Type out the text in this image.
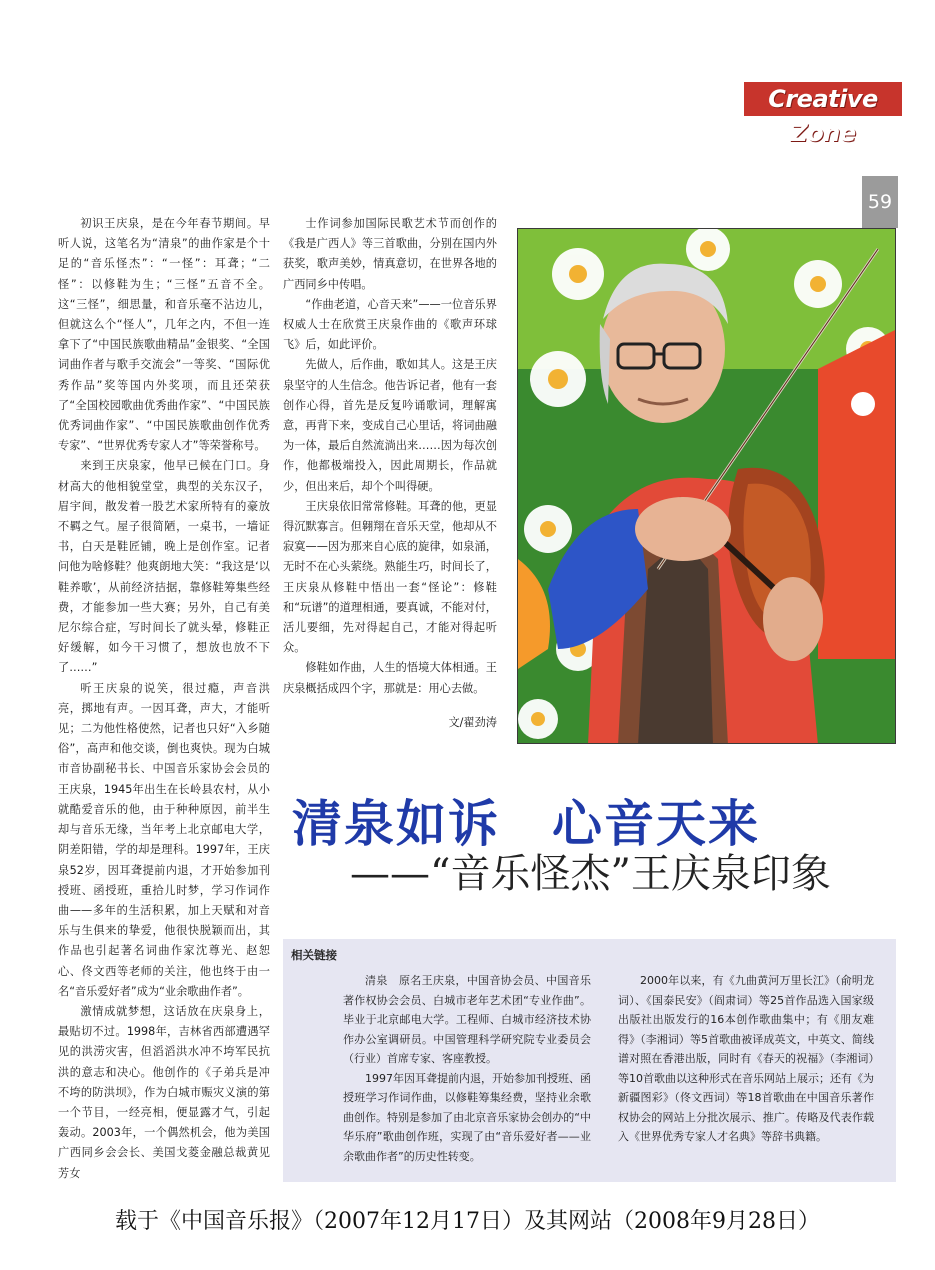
Creative Zone
59

初识王庆泉，是在今年春节期间。早听人说，这笔名为“清泉”的曲作家是个十足的“音乐怪杰”：“一怪”：耳聋；“二怪”：以修鞋为生；“三怪”五音不全。这“三怪”，细思量，和音乐毫不沾边儿，但就这么个“怪人”，几年之内，不但一连拿下了“中国民族歌曲精品”金银奖、“全国词曲作者与歌手交流会”一等奖、“国际优秀作品”奖等国内外奖项，而且还荣获了“全国校园歌曲优秀曲作家”、“中国民族优秀词曲作家”、“中国民族歌曲创作优秀专家”、“世界优秀专家人才”等荣誉称号。

来到王庆泉家，他早已候在门口。身材高大的他相貌堂堂，典型的关东汉子，眉宇间，散发着一股艺术家所特有的豪放不羁之气。屋子很简陋，一桌书，一墙证书，白天是鞋匠铺，晚上是创作室。记者问他为啥修鞋？他爽朗地大笑：“我这是‘以鞋养歌’，从前经济拮据，靠修鞋筹集些经费，才能参加一些大赛；另外，自己有美尼尔综合症，写时间长了就头晕，修鞋正好缓解，如今干习惯了，想放也放不下了……”

听王庆泉的说笑，很过瘾，声音洪亮，掷地有声。一因耳聋，声大，才能听见；二为他性格使然，记者也只好“入乡随俗”，高声和他交谈，倒也爽快。现为白城市音协副秘书长、中国音乐家协会会员的王庆泉，1945年出生在长岭县农村，从小就酷爱音乐的他，由于种种原因，前半生却与音乐无缘，当年考上北京邮电大学，阴差阳错，学的却是理科。1997年，王庆泉52岁，因耳聋提前内退，才开始参加刊授班、函授班，重拾儿时梦，学习作词作曲——多年的生活积累，加上天赋和对音乐与生俱来的挚爱，他很快脱颖而出，其作品也引起著名词曲作家沈尊光、赵恕心、佟文西等老师的关注，他也终于由一名“音乐爱好者”成为“业余歌曲作者”。

激情成就梦想，这话放在庆泉身上，最贴切不过。1998年，吉林省西部遭遇罕见的洪涝灾害，但滔滔洪水冲不垮军民抗洪的意志和决心。他创作的《子弟兵是冲不垮的防洪坝》，作为白城市赈灾义演的第一个节目，一经亮相，便显露才气，引起轰动。2003年，一个偶然机会，他为美国广西同乡会会长、美国戈菱金融总裁黄见芳女

士作词参加国际民歌艺术节而创作的《我是广西人》等三首歌曲，分别在国内外获奖，歌声美妙，情真意切，在世界各地的广西同乡中传唱。

“作曲老道，心音天来”——一位音乐界权威人士在欣赏王庆泉作曲的《歌声环球飞》后，如此评价。

先做人，后作曲，歌如其人。这是王庆泉坚守的人生信念。他告诉记者，他有一套创作心得，首先是反复吟诵歌词，理解寓意，再背下来，变成自己心里话，将词曲融为一体，最后自然流淌出来……因为每次创作，他都极端投入，因此周期长，作品就少，但出来后，却个个叫得硬。

王庆泉依旧常常修鞋。耳聋的他，更显得沉默寡言。但翱翔在音乐天堂，他却从不寂寞——因为那来自心底的旋律，如泉涌，无时不在心头萦绕。熟能生巧，时间长了，王庆泉从修鞋中悟出一套“怪论”：修鞋和“玩谱”的道理相通，要真诚，不能对付，活儿要细，先对得起自己，才能对得起听众。

修鞋如作曲，人生的悟境大体相通。王庆泉概括成四个字，那就是：用心去做。

文/翟劲涛

清泉如诉　心音天来
——“音乐怪杰”王庆泉印象
相关链接

清泉　原名王庆泉，中国音协会员、中国音乐著作权协会会员、白城市老年艺术团“专业作曲”。毕业于北京邮电大学。工程师、白城市经济技术协作办公室调研员。中国管理科学研究院专业委员会（行业）首席专家、客座教授。

1997年因耳聋提前内退，开始参加刊授班、函授班学习作词作曲，以修鞋筹集经费，坚持业余歌曲创作。特别是参加了由北京音乐家协会创办的“中华乐府”歌曲创作班，实现了由“音乐爱好者——业余歌曲作者”的历史性转变。

2000年以来，有《九曲黄河万里长江》（俞明龙词）、《国泰民安》（阎肃词）等25首作品选入国家级出版社出版发行的16本创作歌曲集中；有《朋友难得》（李湘词）等5首歌曲被译成英文，中英文、简线谱对照在香港出版，同时有《春天的祝福》（李湘词）等10首歌曲以这种形式在音乐网站上展示；还有《为新疆图彩》（佟文西词）等18首歌曲在中国音乐著作权协会的网站上分批次展示、推广。传略及代表作载入《世界优秀专家人才名典》等辞书典籍。

载于《中国音乐报》（2007年12月17日）及其网站（2008年9月28日）
